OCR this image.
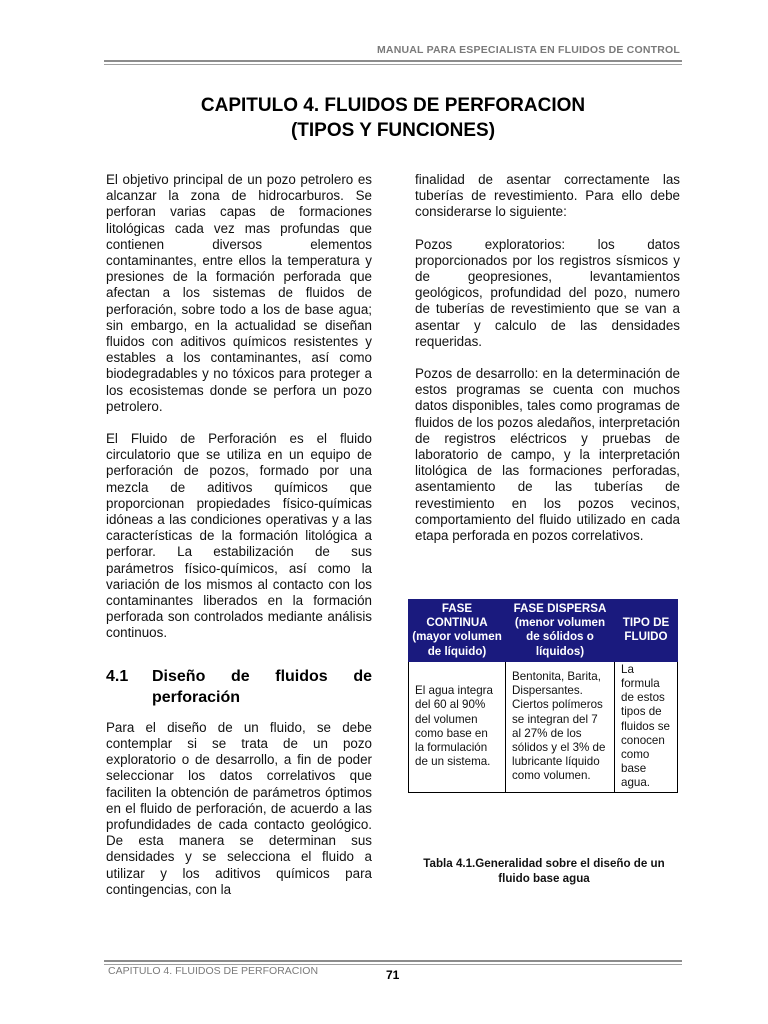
MANUAL PARA ESPECIALISTA EN FLUIDOS DE CONTROL
CAPITULO 4. FLUIDOS DE PERFORACION
(TIPOS Y FUNCIONES)

El objetivo principal de un pozo petrolero es alcanzar la zona de hidrocarburos. Se perforan varias capas de formaciones litológicas cada vez mas profundas que contienen diversos elementos contaminantes, entre ellos la temperatura y presiones de la formación perforada que afectan a los sistemas de fluidos de perforación, sobre todo a los de base agua; sin embargo, en la actualidad se diseñan fluidos con aditivos químicos resistentes y estables a los contaminantes, así como biodegradables y no tóxicos para proteger a los ecosistemas donde se perfora un pozo petrolero.

El Fluido de Perforación es el fluido circulatorio que se utiliza en un equipo de perforación de pozos, formado por una mezcla de aditivos químicos que proporcionan propiedades físico-químicas idóneas a las condiciones operativas y a las características de la formación litológica a perforar. La estabilización de sus parámetros físico-químicos, así como la variación de los mismos al contacto con los contaminantes liberados en la formación perforada son controlados mediante análisis continuos.

4.1	Diseño de fluidos de perforación

Para el diseño de un fluido, se debe contemplar si se trata de un pozo exploratorio o de desarrollo, a fin de poder seleccionar los datos correlativos que faciliten la obtención de parámetros óptimos en el fluido de perforación, de acuerdo a las profundidades de cada contacto geológico. De esta manera se determinan sus densidades y se selecciona el fluido a utilizar y los aditivos químicos para contingencias, con la

finalidad de asentar correctamente las tuberías de revestimiento. Para ello debe considerarse lo siguiente:

Pozos exploratorios: los datos proporcionados por los registros sísmicos y de geopresiones, levantamientos geológicos, profundidad del pozo, numero de tuberías de revestimiento que se van a asentar y calculo de las densidades requeridas.

Pozos de desarrollo: en la determinación de estos programas se cuenta con muchos datos disponibles, tales como programas de fluidos de los pozos aledaños, interpretación de registros eléctricos y pruebas de laboratorio de campo, y la interpretación litológica de las formaciones perforadas, asentamiento de las tuberías de revestimiento en los pozos vecinos, comportamiento del fluido utilizado en cada etapa perforada en pozos correlativos.

FASE CONTINUA (mayor volumen de líquido)	FASE DISPERSA (menor volumen de sólidos o líquidos)	TIPO DE FLUIDO
El agua integra del 60 al 90% del volumen como base en la formulación de un sistema.	Bentonita, Barita, Dispersantes. Ciertos polímeros se integran del 7 al 27% de los sólidos y el 3% de lubricante líquido como volumen.	La formula de estos tipos de fluidos se conocen como base agua.
Tabla 4.1.Generalidad sobre el diseño de un fluido base agua
CAPITULO 4. FLUIDOS DE PERFORACION	71
